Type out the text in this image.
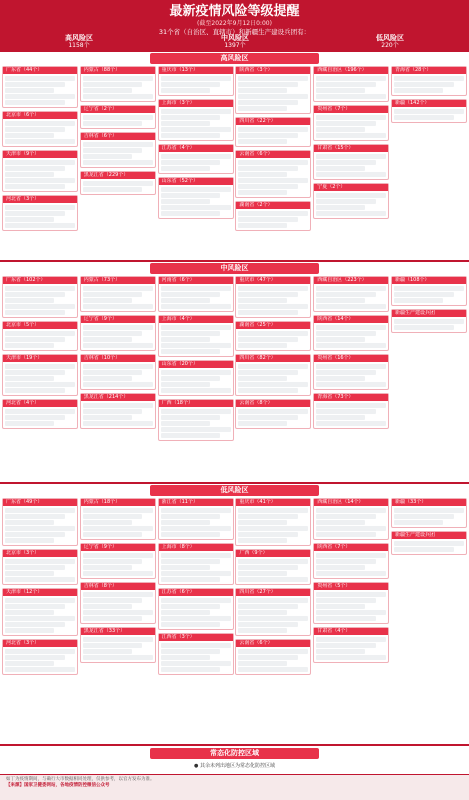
最新疫情风险等级提醒
(截至2022年9月12日0:00)
31个省（自治区、直辖市）和新疆生产建设兵团有：
高风险区
1158个
中风险区
1397个
低风险区
220个
高风险区
广东省（44个）
北京市（6个）
天津市（9个）
河北省（3个）
内蒙古（88个）
辽宁省（2个）
吉林省（6个）
黑龙江省（229个）
重庆市（13个）
上海市（3个）
江苏省（4个）
山东省（52个）
陕西省（3个）
四川省（22个）
云南省（6个）
湖南省（2个）
西藏自治区（196个）
贵州省（7个）
甘肃省（15个）
宁夏（2个）
青海省（28个）
新疆（142个）
中风险区
广东省（102个）
北京市（5个）
天津市（19个）
河北省（4个）
内蒙古（73个）
辽宁省（9个）
吉林省（10个）
黑龙江省（214个）
河南省（6个）
上海市（4个）
山东省（20个）
广西（18个）
重庆市（47个）
湖南省（25个）
四川省（82个）
云南省（8个）
西藏自治区（223个）
陕西省（14个）
贵州省（16个）
青海省（73个）
新疆（108个）
新疆生产建设兵团
低风险区
广东省（49个）
北京市（3个）
天津市（12个）
河北省（3个）
内蒙古（18个）
辽宁省（9个）
吉林省（8个）
黑龙江省（33个）
浙江省（11个）
上海市（8个）
江苏省（6个）
江西省（3个）
重庆市（41个）
广西（9个）
四川省（27个）
云南省（6个）
西藏自治区（14个）
陕西省（7个）
贵州省（5个）
甘肃省（4个）
新疆（33个）
新疆生产建设兵团
常态化防控区域
● 其余未列出地区为常态化防控区域
如丁为疫情期间，与确行大市数据相同处理，仅供参考，以官方发布为准。
【来源】国家卫健委网站，各地疫情防控微信公众号
